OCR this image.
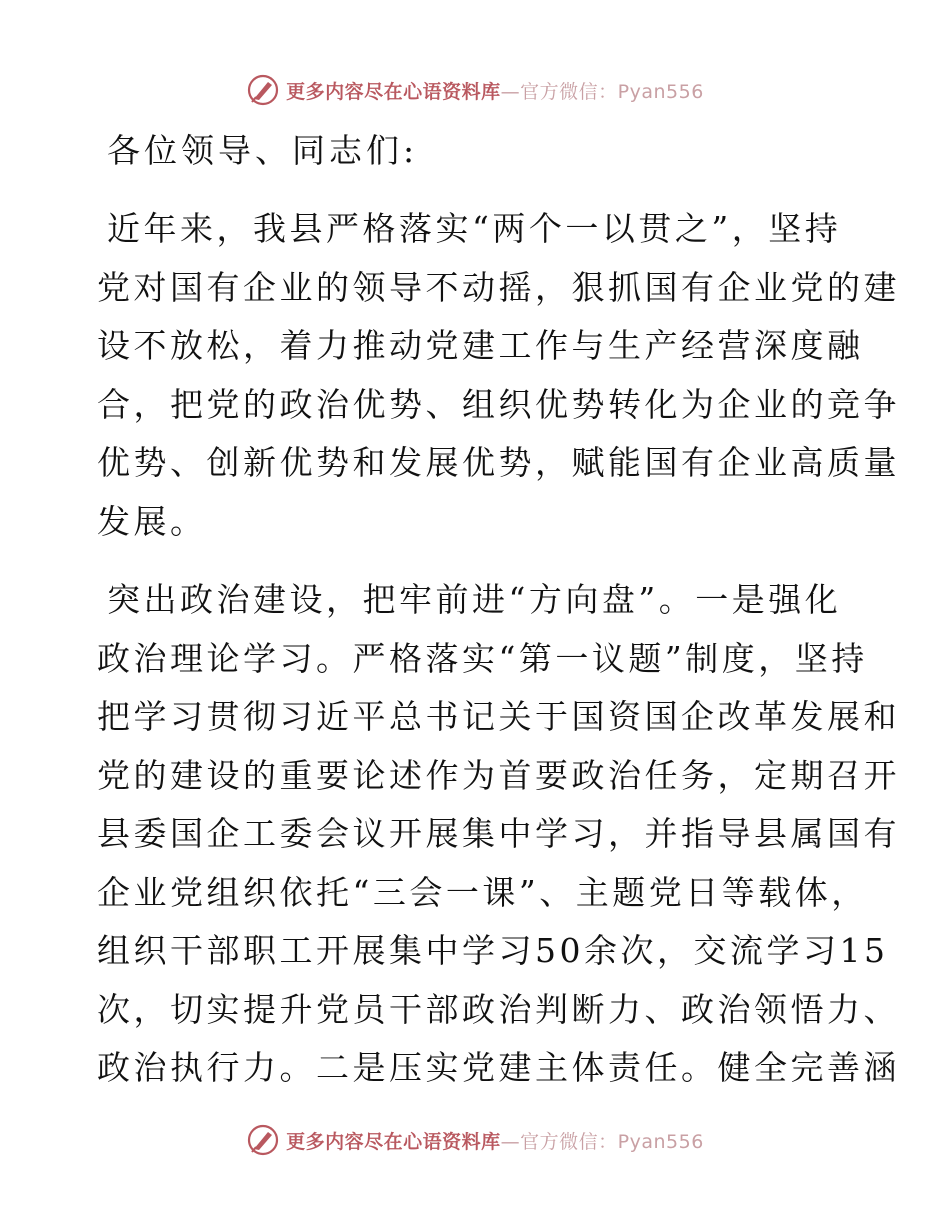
更多内容尽在心语资料库—官方微信：Pyan556
各位领导、同志们:
近年来，我县严格落实“两个一以贯之”，坚持
党对国有企业的领导不动摇，狠抓国有企业党的建
设不放松，着力推动党建工作与生产经营深度融
合，把党的政治优势、组织优势转化为企业的竞争
优势、创新优势和发展优势，赋能国有企业高质量
发展。
突出政治建设，把牢前进“方向盘”。一是强化
政治理论学习。严格落实“第一议题”制度，坚持
把学习贯彻习近平总书记关于国资国企改革发展和
党的建设的重要论述作为首要政治任务，定期召开
县委国企工委会议开展集中学习，并指导县属国有
企业党组织依托“三会一课”、主题党日等载体，
组织干部职工开展集中学习50余次，交流学习15
次，切实提升党员干部政治判断力、政治领悟力、
政治执行力。二是压实党建主体责任。健全完善涵
更多内容尽在心语资料库—官方微信：Pyan556
